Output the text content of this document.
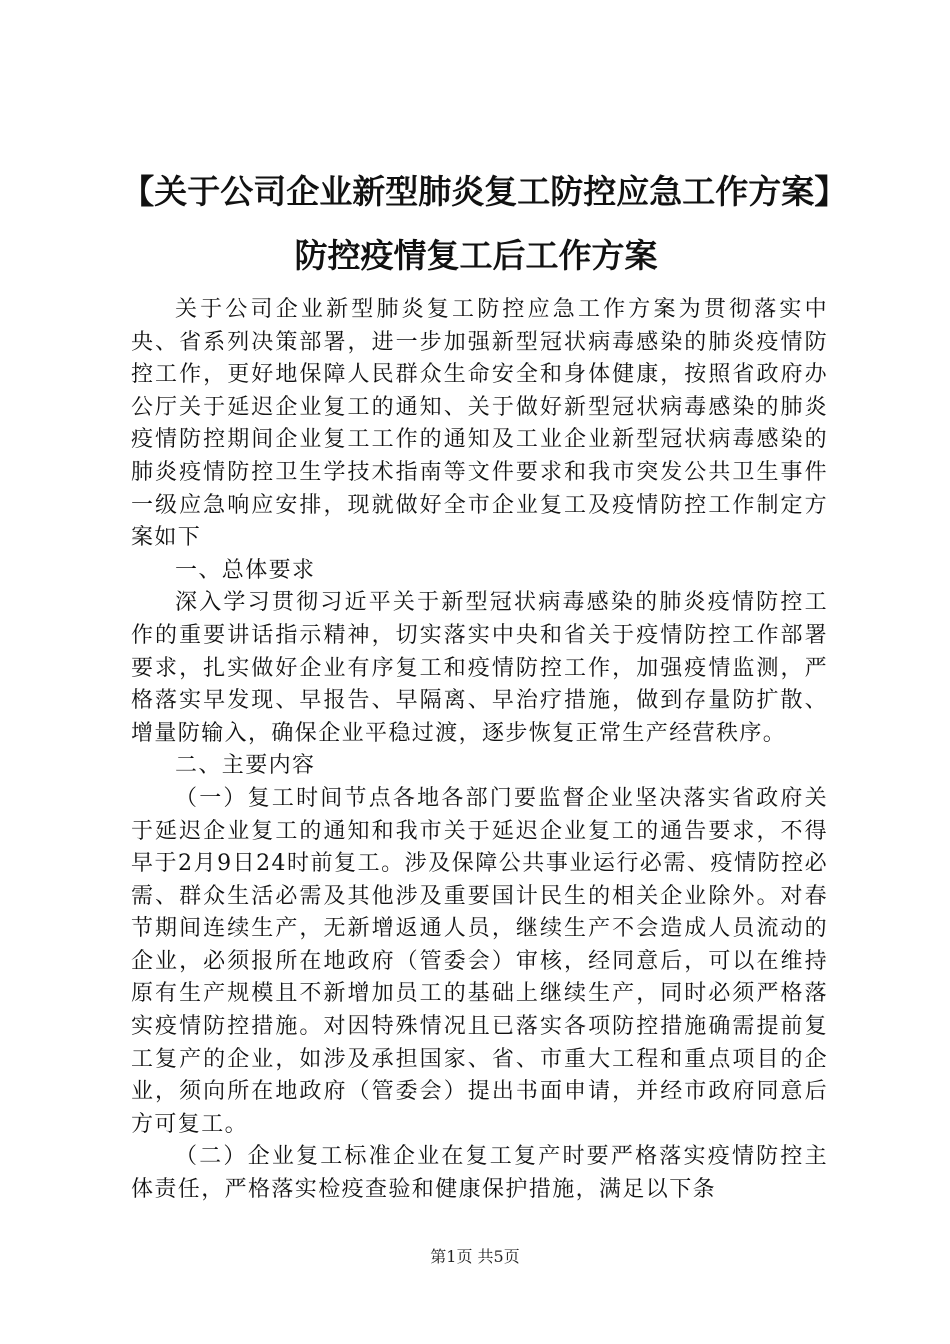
【关于公司企业新型肺炎复工防控应急工作方案】防控疫情复工后工作方案

关于公司企业新型肺炎复工防控应急工作方案为贯彻落实中央、省系列决策部署，进一步加强新型冠状病毒感染的肺炎疫情防控工作，更好地保障人民群众生命安全和身体健康，按照省政府办公厅关于延迟企业复工的通知、关于做好新型冠状病毒感染的肺炎疫情防控期间企业复工工作的通知及工业企业新型冠状病毒感染的肺炎疫情防控卫生学技术指南等文件要求和我市突发公共卫生事件一级应急响应安排，现就做好全市企业复工及疫情防控工作制定方案如下

一、总体要求

深入学习贯彻习近平关于新型冠状病毒感染的肺炎疫情防控工作的重要讲话指示精神，切实落实中央和省关于疫情防控工作部署要求，扎实做好企业有序复工和疫情防控工作，加强疫情监测，严格落实早发现、早报告、早隔离、早治疗措施，做到存量防扩散、增量防输入，确保企业平稳过渡，逐步恢复正常生产经营秩序。

二、主要内容

（一）复工时间节点各地各部门要监督企业坚决落实省政府关于延迟企业复工的通知和我市关于延迟企业复工的通告要求，不得早于2月9日24时前复工。涉及保障公共事业运行必需、疫情防控必需、群众生活必需及其他涉及重要国计民生的相关企业除外。对春节期间连续生产，无新增返通人员，继续生产不会造成人员流动的企业，必须报所在地政府（管委会）审核，经同意后，可以在维持原有生产规模且不新增加员工的基础上继续生产，同时必须严格落实疫情防控措施。对因特殊情况且已落实各项防控措施确需提前复工复产的企业，如涉及承担国家、省、市重大工程和重点项目的企业，须向所在地政府（管委会）提出书面申请，并经市政府同意后方可复工。

（二）企业复工标准企业在复工复产时要严格落实疫情防控主体责任，严格落实检疫查验和健康保护措施，满足以下条

第1页 共5页
